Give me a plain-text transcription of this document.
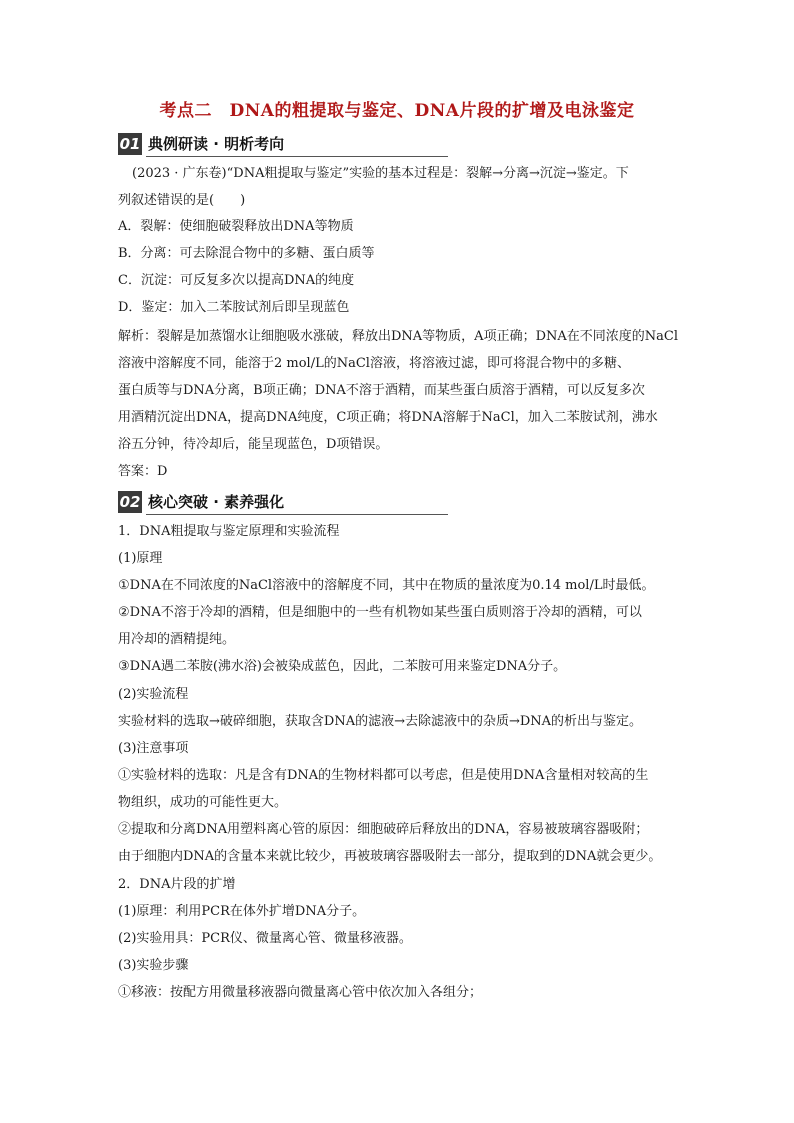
考点二　DNA的粗提取与鉴定、DNA片段的扩增及电泳鉴定
01 典例研读 · 明析考向
(2023 · 广东卷)“DNA粗提取与鉴定”实验的基本过程是：裂解→分离→沉淀→鉴定。下
列叙述错误的是(　　)
A．裂解：使细胞破裂释放出DNA等物质
B．分离：可去除混合物中的多糖、蛋白质等
C．沉淀：可反复多次以提高DNA的纯度
D．鉴定：加入二苯胺试剂后即呈现蓝色
解析：裂解是加蒸馏水让细胞吸水涨破，释放出DNA等物质，A项正确；DNA在不同浓度的NaCl
溶液中溶解度不同，能溶于2 mol/L的NaCl溶液，将溶液过滤，即可将混合物中的多糖、
蛋白质等与DNA分离，B项正确；DNA不溶于酒精，而某些蛋白质溶于酒精，可以反复多次
用酒精沉淀出DNA，提高DNA纯度，C项正确；将DNA溶解于NaCl，加入二苯胺试剂，沸水
浴五分钟，待冷却后，能呈现蓝色，D项错误。
答案：D
02 核心突破 · 素养强化
1．DNA粗提取与鉴定原理和实验流程
(1)原理
①DNA在不同浓度的NaCl溶液中的溶解度不同，其中在物质的量浓度为0.14 mol/L时最低。
②DNA不溶于冷却的酒精，但是细胞中的一些有机物如某些蛋白质则溶于冷却的酒精，可以
用冷却的酒精提纯。
③DNA遇二苯胺(沸水浴)会被染成蓝色，因此，二苯胺可用来鉴定DNA分子。
(2)实验流程
实验材料的选取→破碎细胞，获取含DNA的滤液→去除滤液中的杂质→DNA的析出与鉴定。
(3)注意事项
①实验材料的选取：凡是含有DNA的生物材料都可以考虑，但是使用DNA含量相对较高的生
物组织，成功的可能性更大。
②提取和分离DNA用塑料离心管的原因：细胞破碎后释放出的DNA，容易被玻璃容器吸附；
由于细胞内DNA的含量本来就比较少，再被玻璃容器吸附去一部分，提取到的DNA就会更少。
2．DNA片段的扩增
(1)原理：利用PCR在体外扩增DNA分子。
(2)实验用具：PCR仪、微量离心管、微量移液器。
(3)实验步骤
①移液：按配方用微量移液器向微量离心管中依次加入各组分；
